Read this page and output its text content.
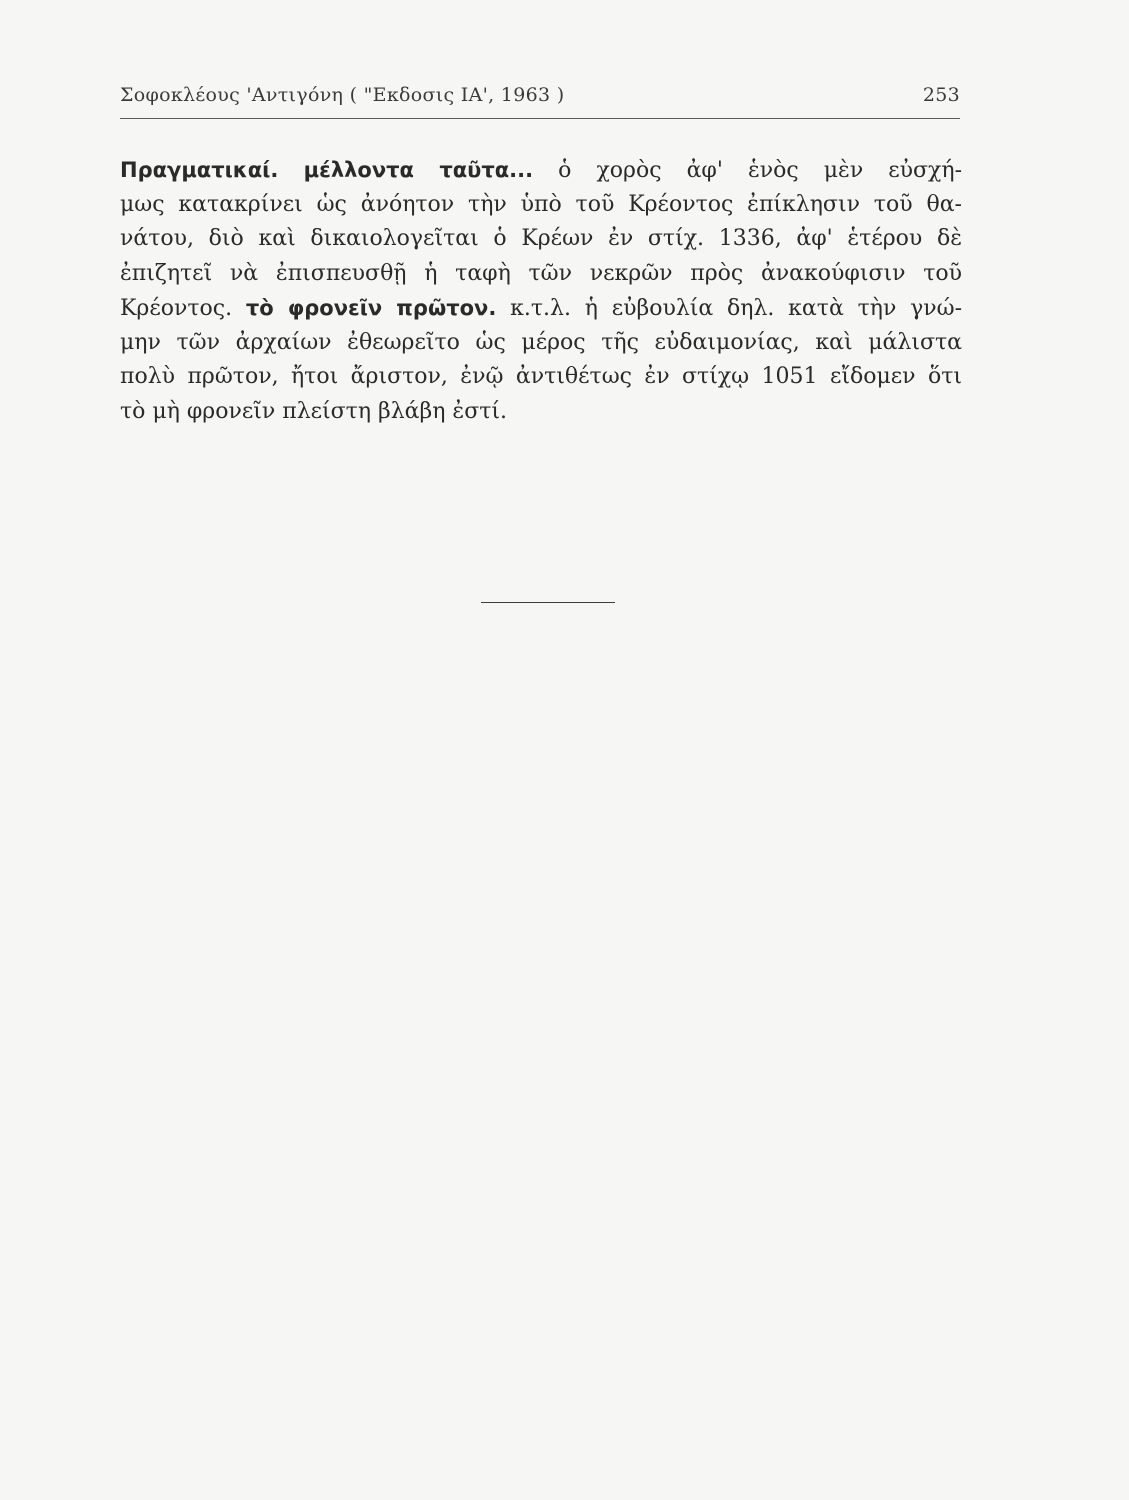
Σοφοκλέους 'Αντιγόνη ( "Εκδοσις ΙΑ', 1963 )	253
Πραγματικαί. μέλλοντα ταῦτα... ὁ χορὸς ἀφ' ἑνὸς μὲν εὐσχή-
μως κατακρίνει ὡς ἀνόητον τὴν ὑπὸ τοῦ Κρέοντος ἐπίκλησιν τοῦ θα-
νάτου, διὸ καὶ δικαιολογεῖται ὁ Κρέων ἐν στίχ. 1336, ἀφ' ἑτέρου δὲ
ἐπιζητεῖ νὰ ἐπισπευσθῇ ἡ ταφὴ τῶν νεκρῶν πρὸς ἀνακούφισιν τοῦ
Κρέοντος. τὸ φρονεῖν πρῶτον. κ.τ.λ. ἡ εὐβουλία δηλ. κατὰ τὴν γνώ-
μην τῶν ἀρχαίων ἐθεωρεῖτο ὡς μέρος τῆς εὐδαιμονίας, καὶ μάλιστα
πολὺ πρῶτον, ἤτοι ἄριστον, ἐνῷ ἀντιθέτως ἐν στίχῳ 1051 εἴδομεν ὅτι
τὸ μὴ φρονεῖν πλείστη βλάβη ἐστί.
